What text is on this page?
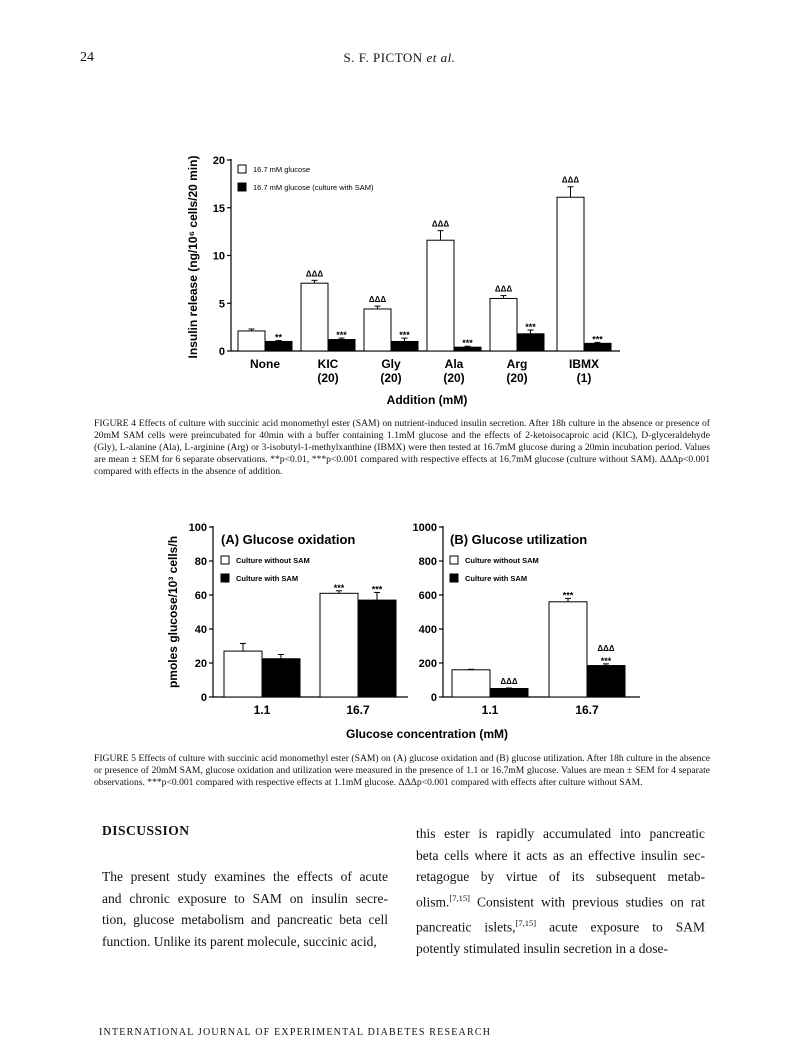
24	S. F. PICTON et al.
0
5
10
15
20
**
None
ΔΔΔ
***
KIC (20)
ΔΔΔ
***
Gly (20)
ΔΔΔ
***
Ala (20)
ΔΔΔ
***
Arg (20)
ΔΔΔ
***
IBMX (1)
16.7 mM glucose
16.7 mM glucose (culture with SAM)
Insulin release (ng/10⁶ cells/20 min)
Addition (mM)
FIGURE 4 Effects of culture with succinic acid monomethyl ester (SAM) on nutrient-induced insulin secretion. After 18h culture in the absence or presence of 20mM SAM cells were preincubated for 40min with a buffer containing 1.1mM glucose and the effects of 2-ketoisocaproic acid (KIC), D-glyceraldehyde (Gly), L-alanine (Ala), L-arginine (Arg) or 3-isobutyl-1-methylxanthine (IBMX) were then tested at 16.7mM glucose during a 20min incubation period. Values are mean ± SEM for 6 separate observations. **p<0.01, ***p<0.001 compared with respective effects at 16.7mM glucose (culture without SAM). ΔΔΔp<0.001 compared with effects in the absence of addition.
0
20
40
60
80
100
1.1
***	***
16.7
Culture without SAM
Culture with SAM
(A) Glucose oxidation
0
200
400
600
800
1000
ΔΔΔ
1.1
***
ΔΔΔ
***
16.7
Culture without SAM
Culture with SAM
(B) Glucose utilization
pmoles glucose/10³ cells/h
Glucose concentration (mM)
FIGURE 5 Effects of culture with succinic acid monomethyl ester (SAM) on (A) glucose oxidation and (B) glucose utilization. After 18h culture in the absence or presence of 20mM SAM, glucose oxidation and utilization were measured in the presence of 1.1 or 16.7mM glucose. Values are mean ± SEM for 4 separate observations. ***p<0.001 compared with respective effects at 1.1mM glucose. ΔΔΔp<0.001 compared with effects after culture without SAM.
DISCUSSION
The present study examines the effects of acute
and chronic exposure to SAM on insulin secre-
tion, glucose metabolism and pancreatic beta cell
function. Unlike its parent molecule, succinic acid,
this ester is rapidly accumulated into pancreatic
beta cells where it acts as an effective insulin sec-
retagogue by virtue of its subsequent metab-
olism.[7,15] Consistent with previous studies on rat
pancreatic islets,[7,15] acute exposure to SAM
potently stimulated insulin secretion in a dose-
INTERNATIONAL JOURNAL OF EXPERIMENTAL DIABETES RESEARCH
